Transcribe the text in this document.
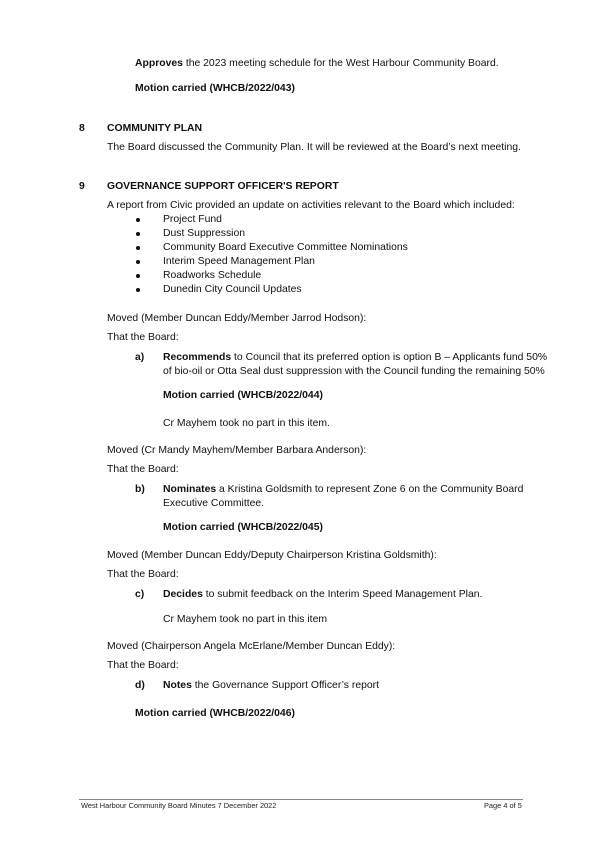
Approves the 2023 meeting schedule for the West Harbour Community Board.
Motion carried (WHCB/2022/043)
8 COMMUNITY PLAN
The Board discussed the Community Plan. It will be reviewed at the Board’s next meeting.
9 GOVERNANCE SUPPORT OFFICER'S REPORT
A report from Civic provided an update on activities relevant to the Board which included:
Project Fund
Dust Suppression
Community Board Executive Committee Nominations
Interim Speed Management Plan
Roadworks Schedule
Dunedin City Council Updates
Moved (Member Duncan Eddy/Member Jarrod Hodson):
That the Board:
a) Recommends to Council that its preferred option is option B – Applicants fund 50%
of bio-oil or Otta Seal dust suppression with the Council funding the remaining 50%
Motion carried (WHCB/2022/044)
Cr Mayhem took no part in this item.
Moved (Cr Mandy Mayhem/Member Barbara Anderson):
That the Board:
b) Nominates a Kristina Goldsmith to represent Zone 6 on the Community Board
Executive Committee.
Motion carried (WHCB/2022/045)
Moved (Member Duncan Eddy/Deputy Chairperson Kristina Goldsmith):
That the Board:
c) Decides to submit feedback on the Interim Speed Management Plan.
Cr Mayhem took no part in this item
Moved (Chairperson Angela McErlane/Member Duncan Eddy):
That the Board:
d) Notes the Governance Support Officer’s report
Motion carried (WHCB/2022/046)
West Harbour Community Board Minutes 7 December 2022	Page 4 of 5
